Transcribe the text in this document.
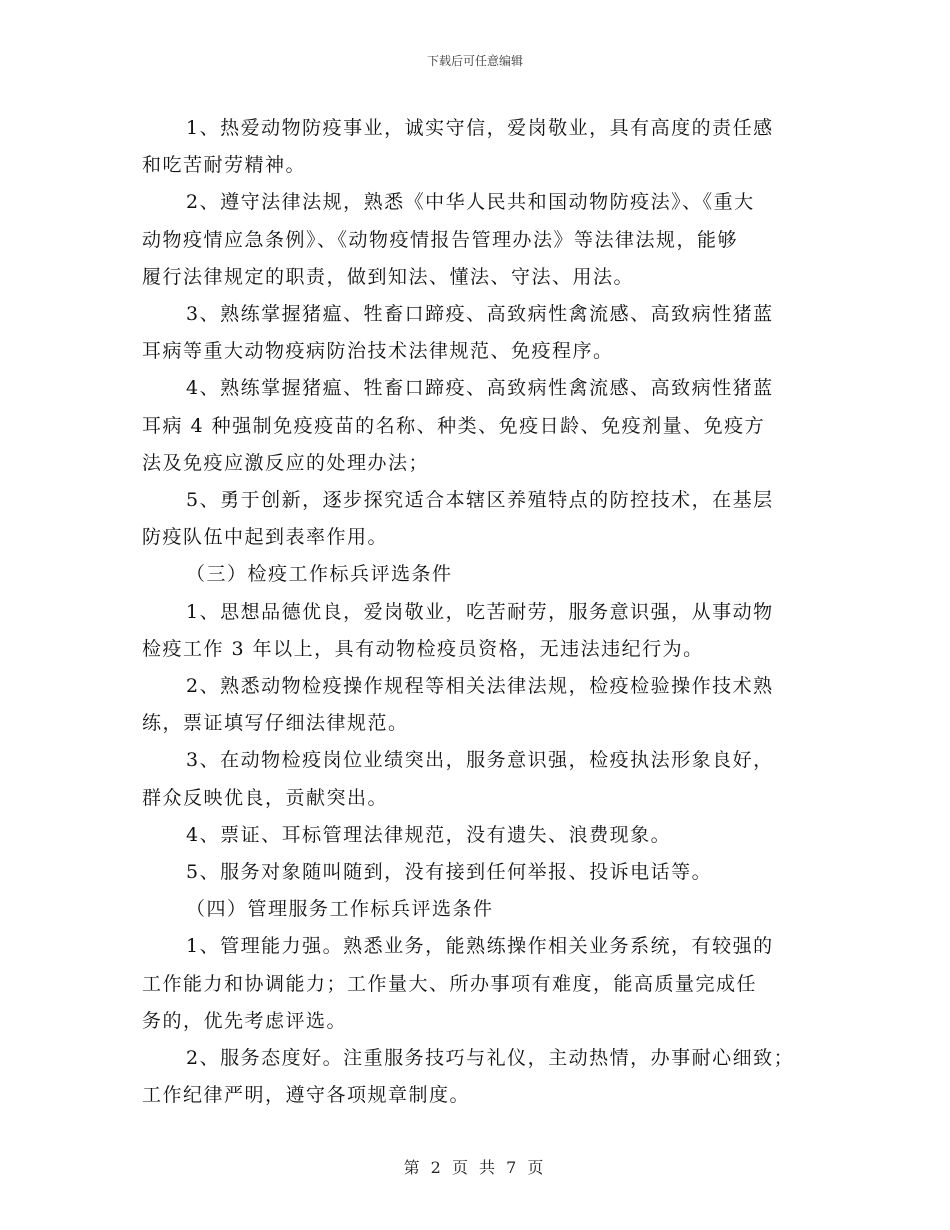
下载后可任意编辑
1、热爱动物防疫事业，诚实守信，爱岗敬业，具有高度的责任感
和吃苦耐劳精神。
2、遵守法律法规，熟悉《中华人民共和国动物防疫法》、《重大
动物疫情应急条例》、《动物疫情报告管理办法》等法律法规，能够
履行法律规定的职责，做到知法、懂法、守法、用法。
3、熟练掌握猪瘟、牲畜口蹄疫、高致病性禽流感、高致病性猪蓝
耳病等重大动物疫病防治技术法律规范、免疫程序。
4、熟练掌握猪瘟、牲畜口蹄疫、高致病性禽流感、高致病性猪蓝
耳病 4 种强制免疫疫苗的名称、种类、免疫日龄、免疫剂量、免疫方
法及免疫应激反应的处理办法；
5、勇于创新，逐步探究适合本辖区养殖特点的防控技术，在基层
防疫队伍中起到表率作用。
（三）检疫工作标兵评选条件
1、思想品德优良，爱岗敬业，吃苦耐劳，服务意识强，从事动物
检疫工作 3 年以上，具有动物检疫员资格，无违法违纪行为。
2、熟悉动物检疫操作规程等相关法律法规，检疫检验操作技术熟
练，票证填写仔细法律规范。
3、在动物检疫岗位业绩突出，服务意识强，检疫执法形象良好，
群众反映优良，贡献突出。
4、票证、耳标管理法律规范，没有遗失、浪费现象。
5、服务对象随叫随到，没有接到任何举报、投诉电话等。
（四）管理服务工作标兵评选条件
1、管理能力强。熟悉业务，能熟练操作相关业务系统，有较强的
工作能力和协调能力；工作量大、所办事项有难度，能高质量完成任
务的，优先考虑评选。
2、服务态度好。注重服务技巧与礼仪，主动热情，办事耐心细致；
工作纪律严明，遵守各项规章制度。
第 2 页 共 7 页
